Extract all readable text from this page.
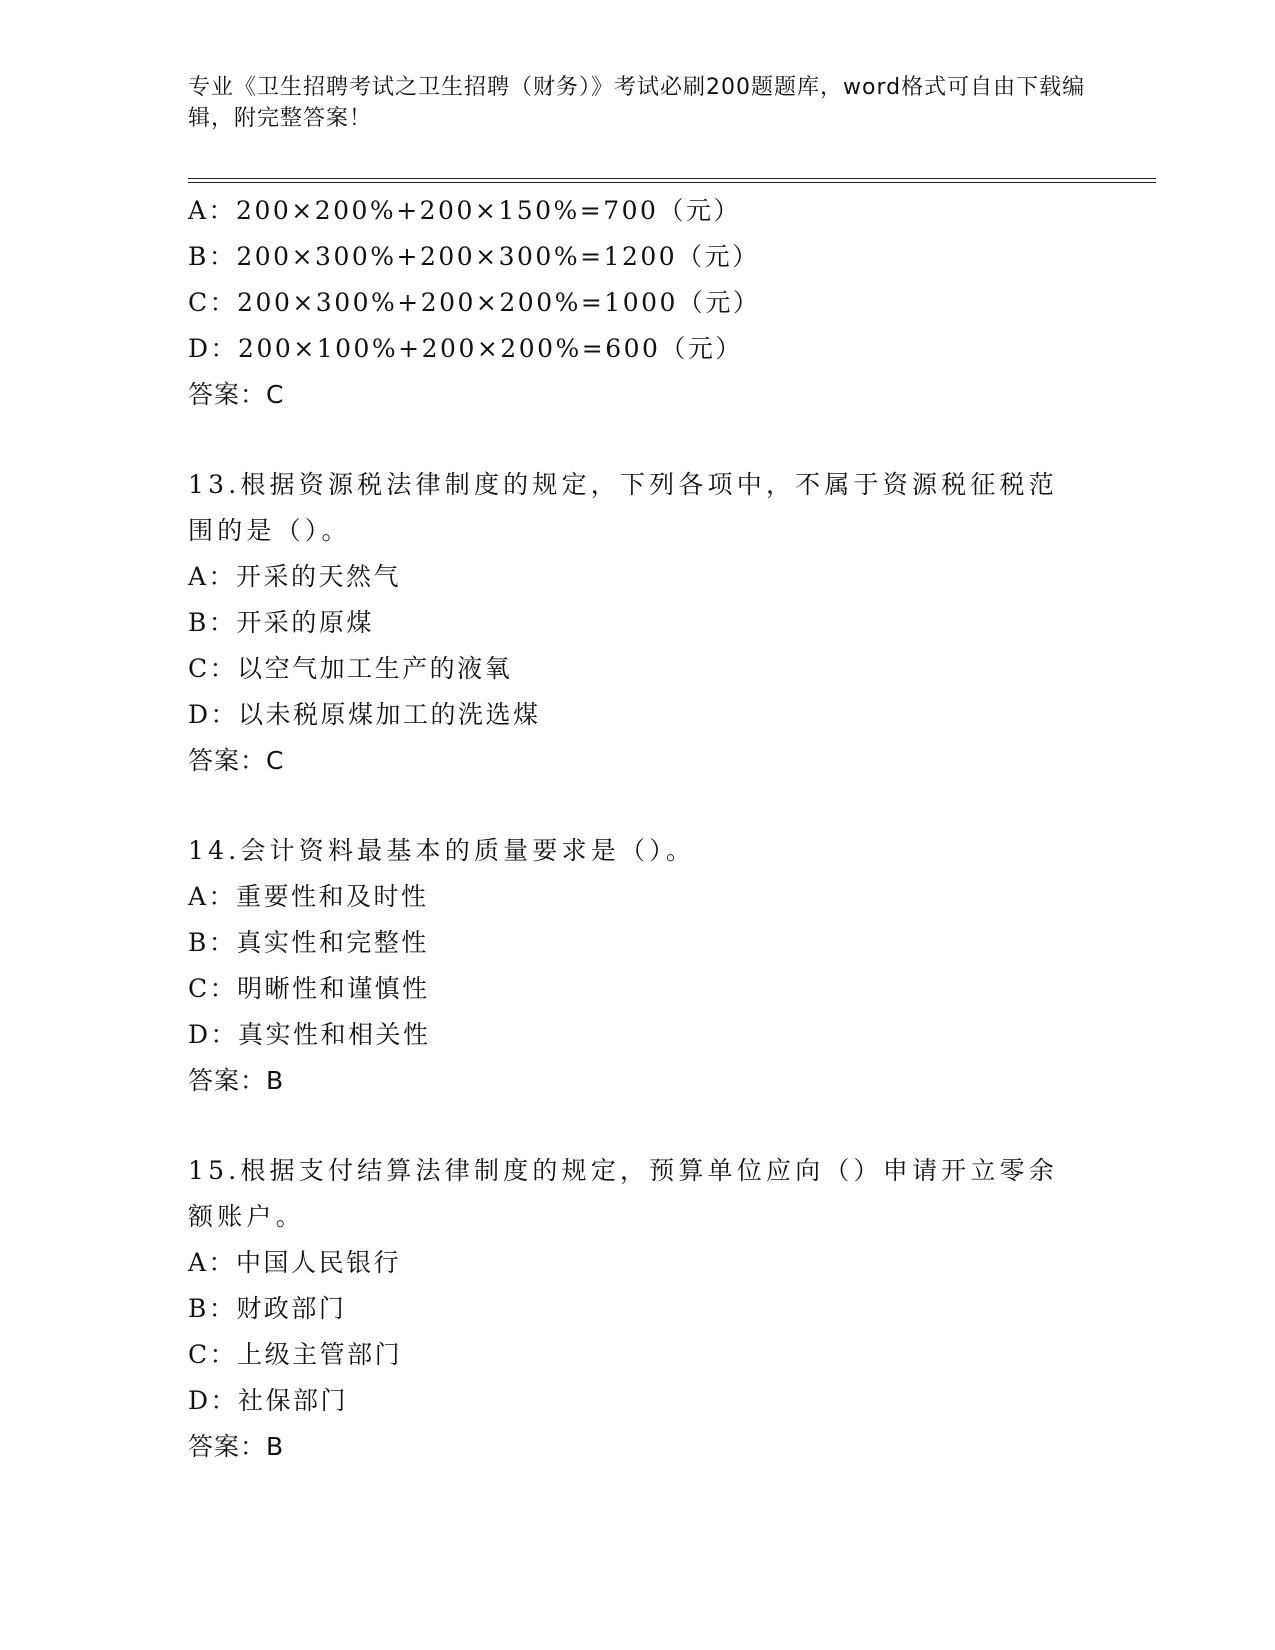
专业《卫生招聘考试之卫生招聘（财务）》考试必刷200题题库，word格式可自由下载编辑，附完整答案！
A：200×200%+200×150%=700（元）
B：200×300%+200×300%=1200（元）
C：200×300%+200×200%=1000（元）
D：200×100%+200×200%=600（元）
答案：C
13.根据资源税法律制度的规定，下列各项中，不属于资源税征税范围的是（）。
A：开采的天然气
B：开采的原煤
C：以空气加工生产的液氧
D：以未税原煤加工的洗选煤
答案：C
14.会计资料最基本的质量要求是（）。
A：重要性和及时性
B：真实性和完整性
C：明晰性和谨慎性
D：真实性和相关性
答案：B
15.根据支付结算法律制度的规定，预算单位应向（）申请开立零余额账户。
A：中国人民银行
B：财政部门
C：上级主管部门
D：社保部门
答案：B
